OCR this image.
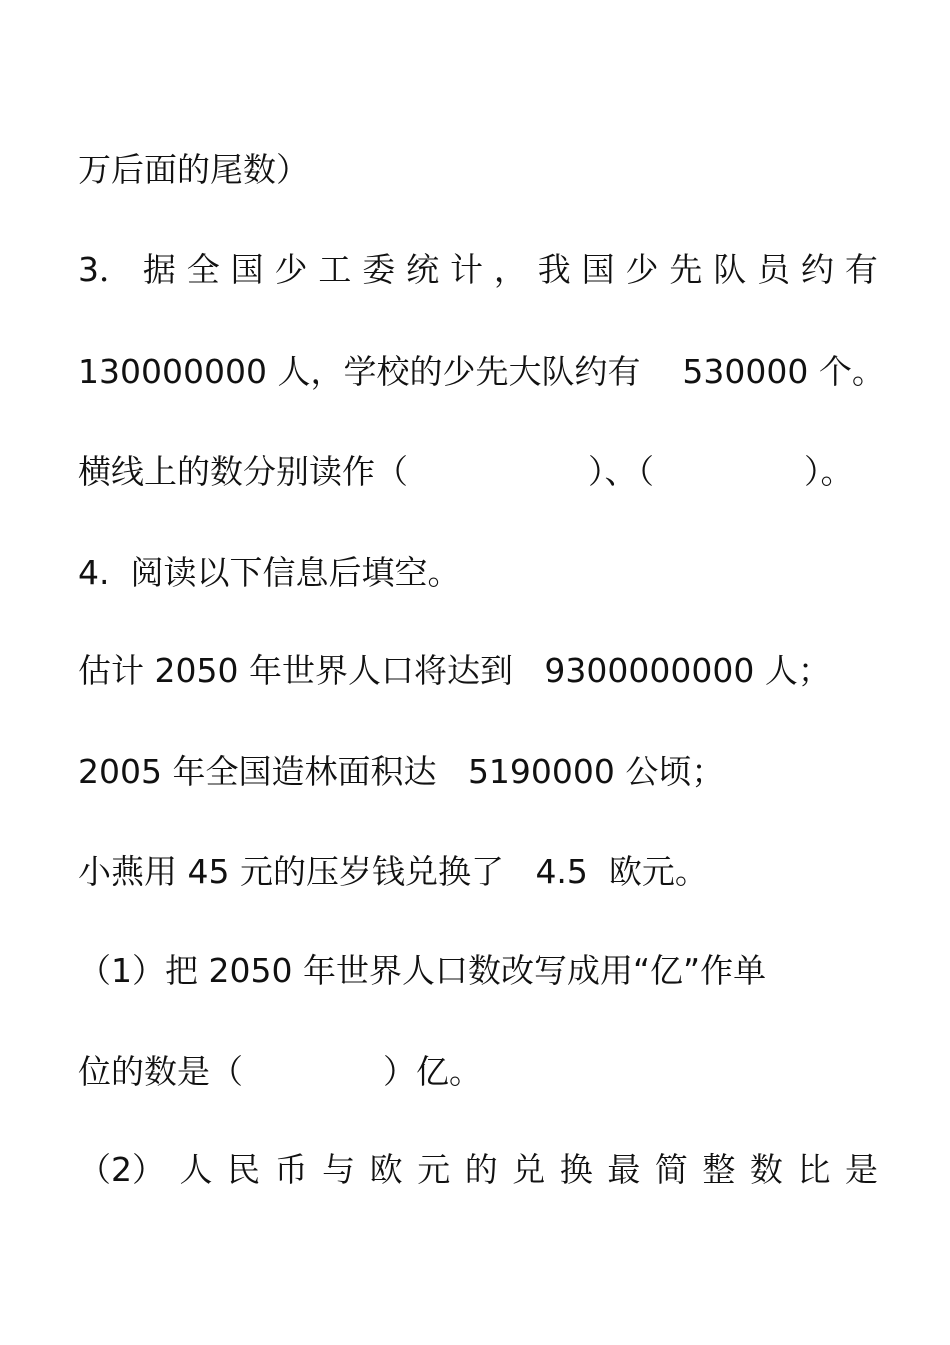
万后面的尾数）
3． 据 全 国 少 工 委 统 计 ， 我 国 少 先 队 员 约 有
130000000 人，学校的少先大队约有    530000 个。
横线上的数分别读作（	）、（	）。
4.  阅读以下信息后填空。
估计 2050 年世界人口将达到   9300000000 人；
2005 年全国造林面积达   5190000 公顷；
小燕用 45 元的压岁钱兑换了   4.5  欧元。
（1）把 2050 年世界人口数改写成用“亿”作单
位的数是（	）亿。
（2） 人 民 币 与 欧 元 的 兑 换 最 简 整 数 比 是
